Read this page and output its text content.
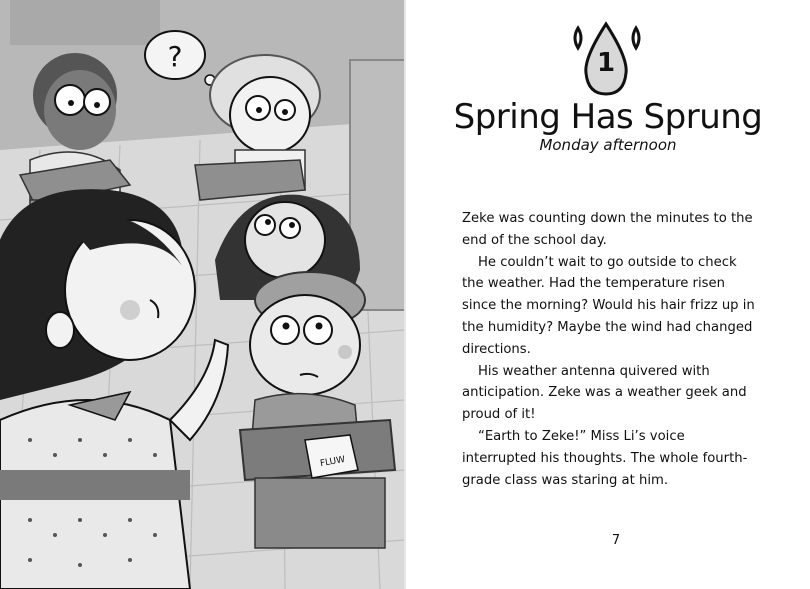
?
FLUW
1
Spring Has Sprung
Monday afternoon

Zeke was counting down the minutes to the end of the school day.

He couldn’t wait to go outside to check the weather. Had the temperature risen since the morning? Would his hair frizz up in the humidity? Maybe the wind had changed directions.

His weather antenna quivered with anticipation. Zeke was a weather geek and proud of it!

“Earth to Zeke!” Miss Li’s voice interrupted his thoughts. The whole fourth-grade class was staring at him.

7
